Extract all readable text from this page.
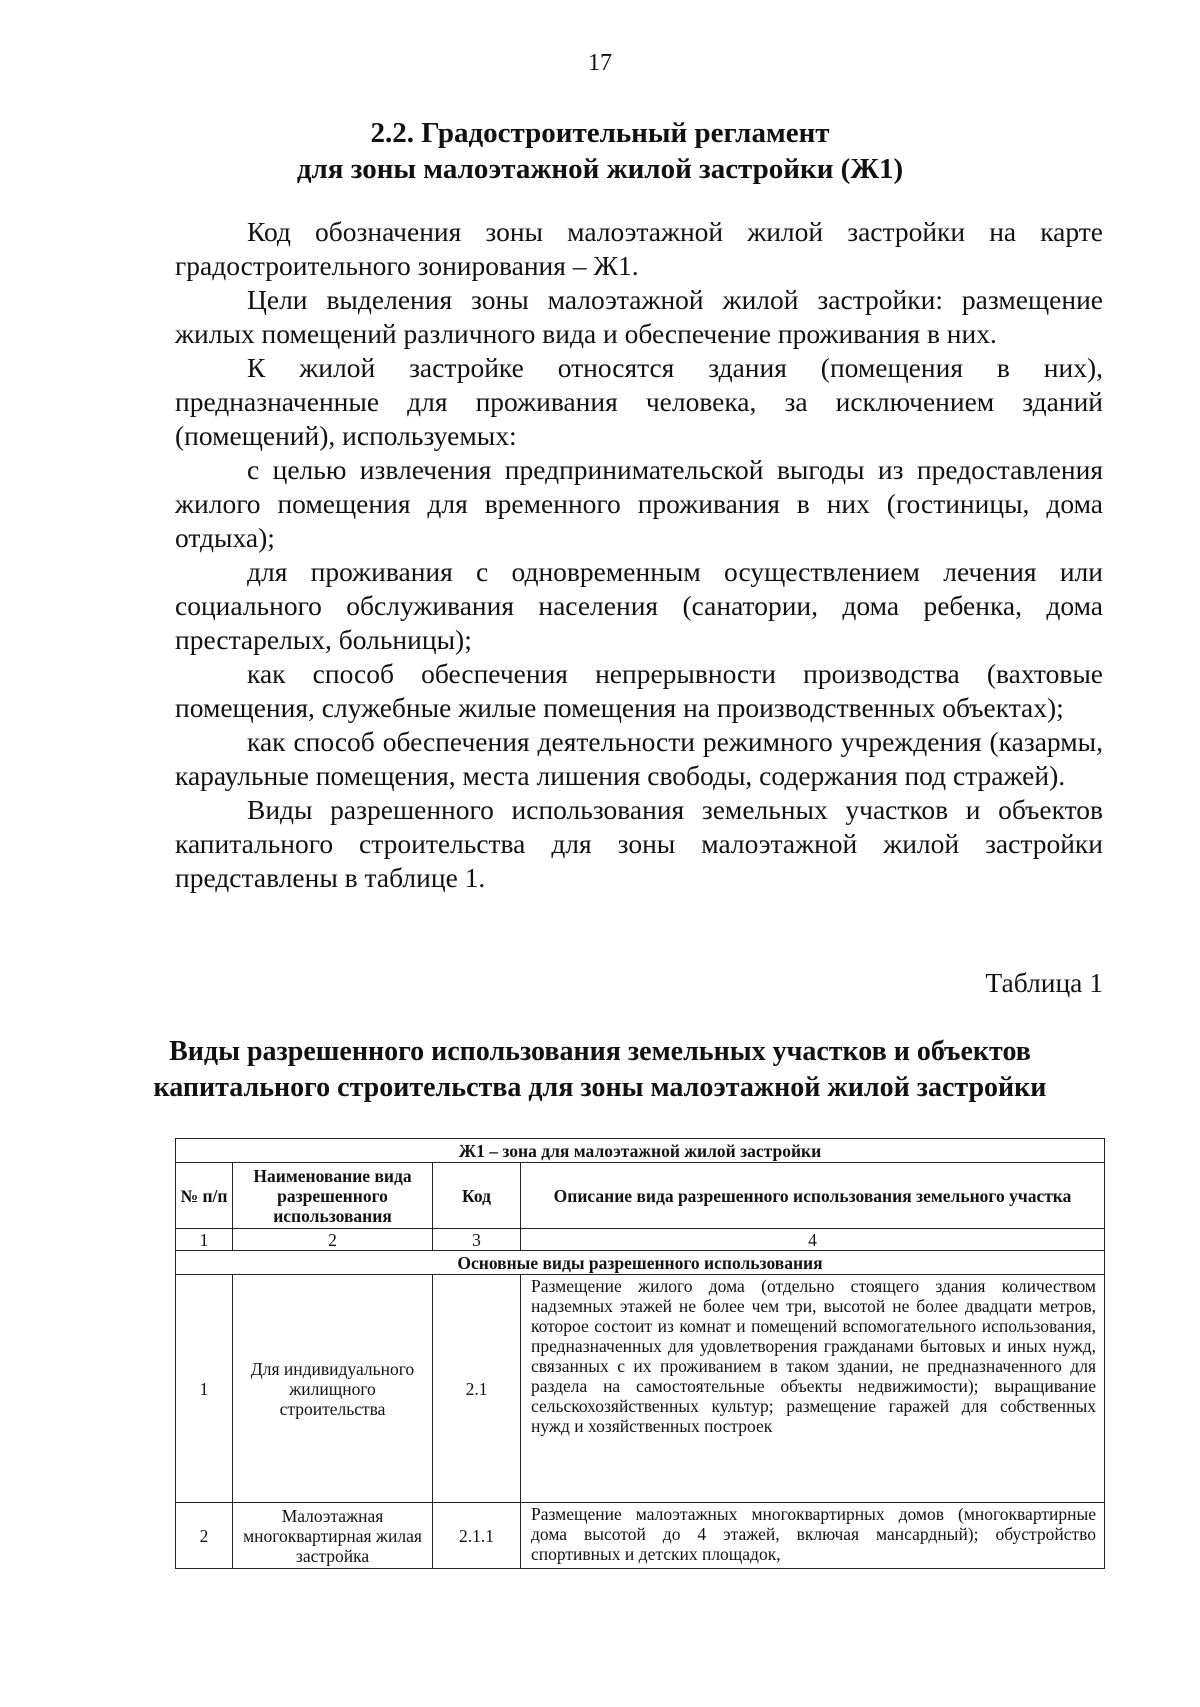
17
2.2. Градостроительный регламент
для зоны малоэтажной жилой застройки (Ж1)

Код обозначения зоны малоэтажной жилой застройки на карте градостроительного зонирования – Ж1.

Цели выделения зоны малоэтажной жилой застройки: размещение жилых помещений различного вида и обеспечение проживания в них.

К жилой застройке относятся здания (помещения в них), предназначенные для проживания человека, за исключением зданий (помещений), используемых:

с целью извлечения предпринимательской выгоды из предоставления жилого помещения для временного проживания в них (гостиницы, дома отдыха);

для проживания с одновременным осуществлением лечения или социального обслуживания населения (санатории, дома ребенка, дома престарелых, больницы);

как способ обеспечения непрерывности производства (вахтовые помещения, служебные жилые помещения на производственных объектах);

как способ обеспечения деятельности режимного учреждения (казармы, караульные помещения, места лишения свободы, содержания под стражей).

Виды разрешенного использования земельных участков и объектов капитального строительства для зоны малоэтажной жилой застройки представлены в таблице 1.

Таблица 1
Виды разрешенного использования земельных участков и объектов
капитального строительства для зоны малоэтажной жилой застройки
Ж1 – зона для малоэтажной жилой застройки			
№ п/п	Наименование вида разрешенного использования	Код	Описание вида разрешенного использования земельного участка
1	2	3	4
Основные виды разрешенного использования			
1	Для индивидуального жилищного строительства	2.1	Размещение жилого дома (отдельно стоящего здания количеством надземных этажей не более чем три, высотой не более двадцати метров, которое состоит из комнат и помещений вспомогательного использования, предназначенных для удовлетворения гражданами бытовых и иных нужд, связанных с их проживанием в таком здании, не предназначенного для раздела на самостоятельные объекты недвижимости); выращивание сельскохозяйственных культур; размещение гаражей для собственных нужд и хозяйственных построек
2	Малоэтажная многоквартирная жилая застройка	2.1.1	Размещение малоэтажных многоквартирных домов (многоквартирные дома высотой до 4 этажей, включая мансардный); обустройство спортивных и детских площадок,
